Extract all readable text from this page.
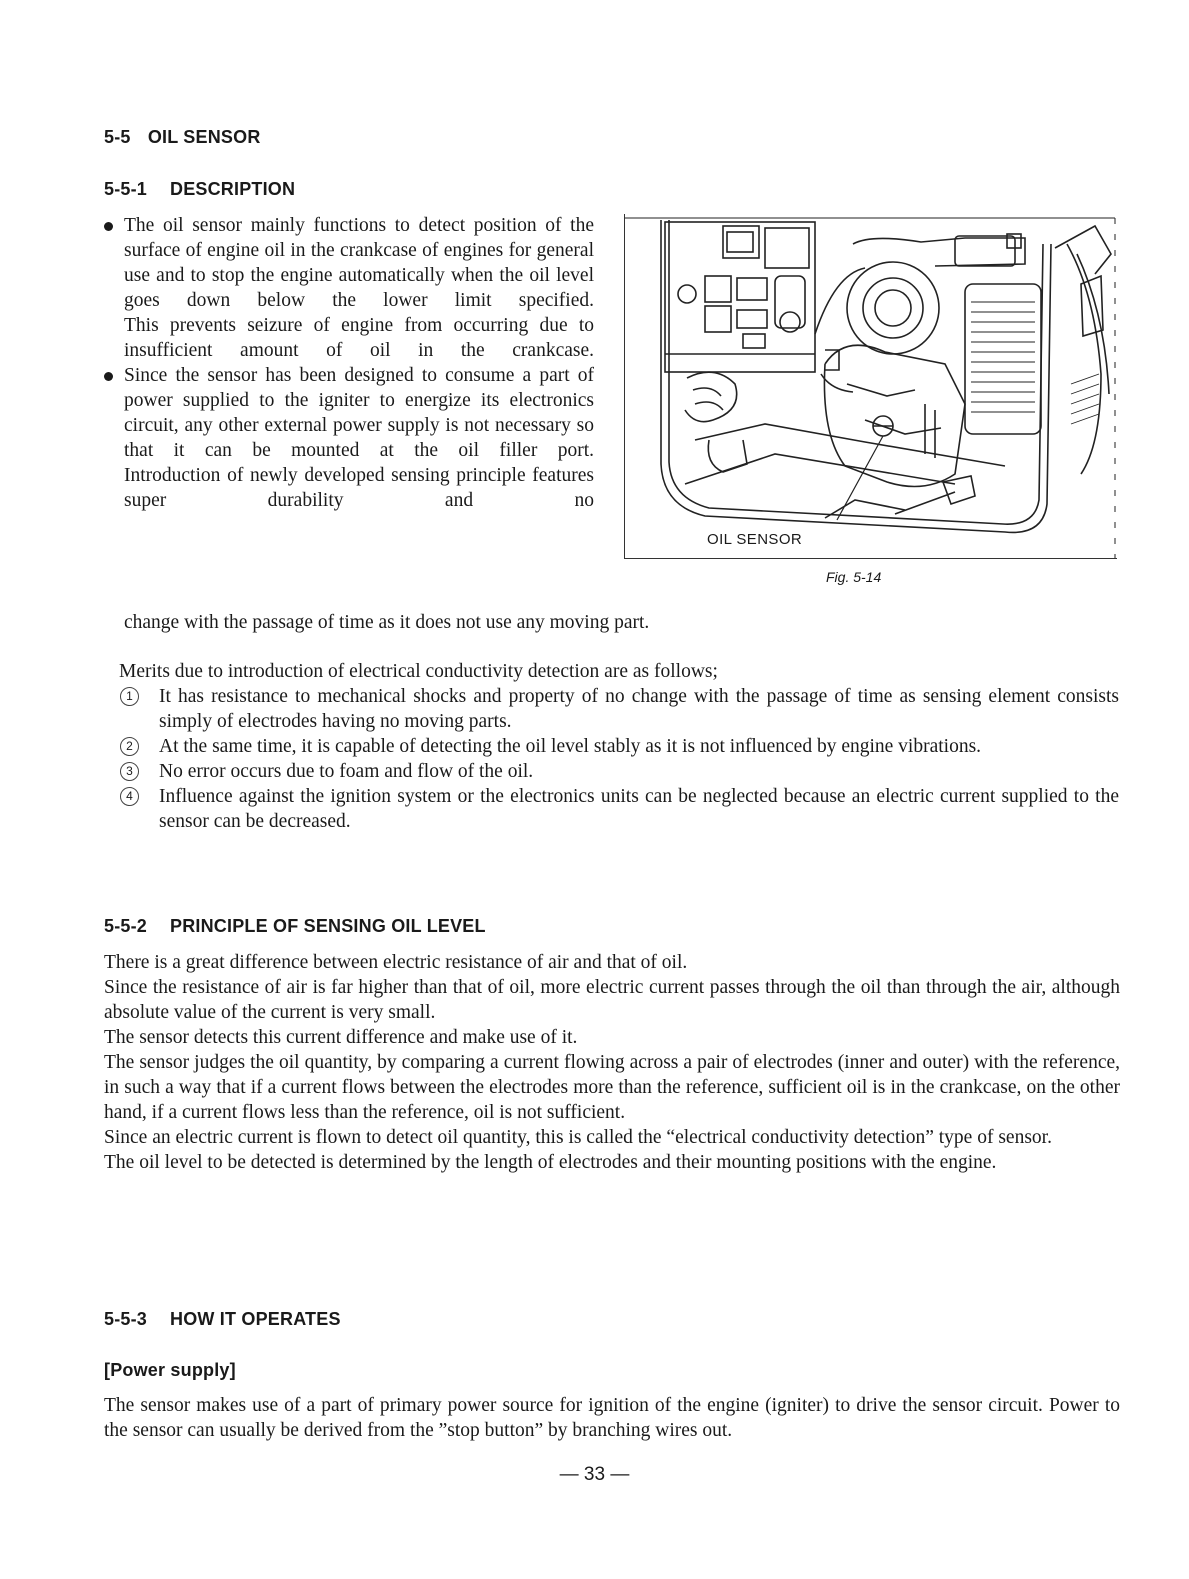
5-5 OIL SENSOR
5-5-1 DESCRIPTION

The oil sensor mainly functions to detect position of the surface of engine oil in the crankcase of engines for general use and to stop the engine automatically when the oil level goes down below the lower limit specified.

This prevents seizure of engine from occurring due to insufficient amount of oil in the crankcase.

Since the sensor has been designed to consume a part of power supplied to the igniter to energize its electronics circuit, any other external power supply is not necessary so that it can be mounted at the oil filler port.

Introduction of newly developed sensing principle features super durability and no

change with the passage of time as it does not use any moving part.
OIL SENSOR
Fig. 5-14

Merits due to introduction of electrical conductivity detection are as follows;

1	It has resistance to mechanical shocks and property of no change with the passage of time as sensing element consists simply of electrodes having no moving parts.

2	At the same time, it is capable of detecting the oil level stably as it is not influenced by engine vibrations.

3	No error occurs due to foam and flow of the oil.

4	Influence against the ignition system or the electronics units can be neglected because an electric current supplied to the sensor can be decreased.

5-5-2 PRINCIPLE OF SENSING OIL LEVEL

There is a great difference between electric resistance of air and that of oil.

Since the resistance of air is far higher than that of oil, more electric current passes through the oil than through the air, although absolute value of the current is very small.

The sensor detects this current difference and make use of it.

The sensor judges the oil quantity, by comparing a current flowing across a pair of electrodes (inner and outer) with the reference, in such a way that if a current flows between the electrodes more than the reference, sufficient oil is in the crankcase, on the other hand, if a current flows less than the reference, oil is not sufficient.

Since an electric current is flown to detect oil quantity, this is called the “electrical conductivity detection” type of sensor.

The oil level to be detected is determined by the length of electrodes and their mounting positions with the engine.

5-5-3 HOW IT OPERATES
[Power supply]

The sensor makes use of a part of primary power source for ignition of the engine (igniter) to drive the sensor circuit. Power to the sensor can usually be derived from the ”stop button” by branching wires out.

— 33 —
